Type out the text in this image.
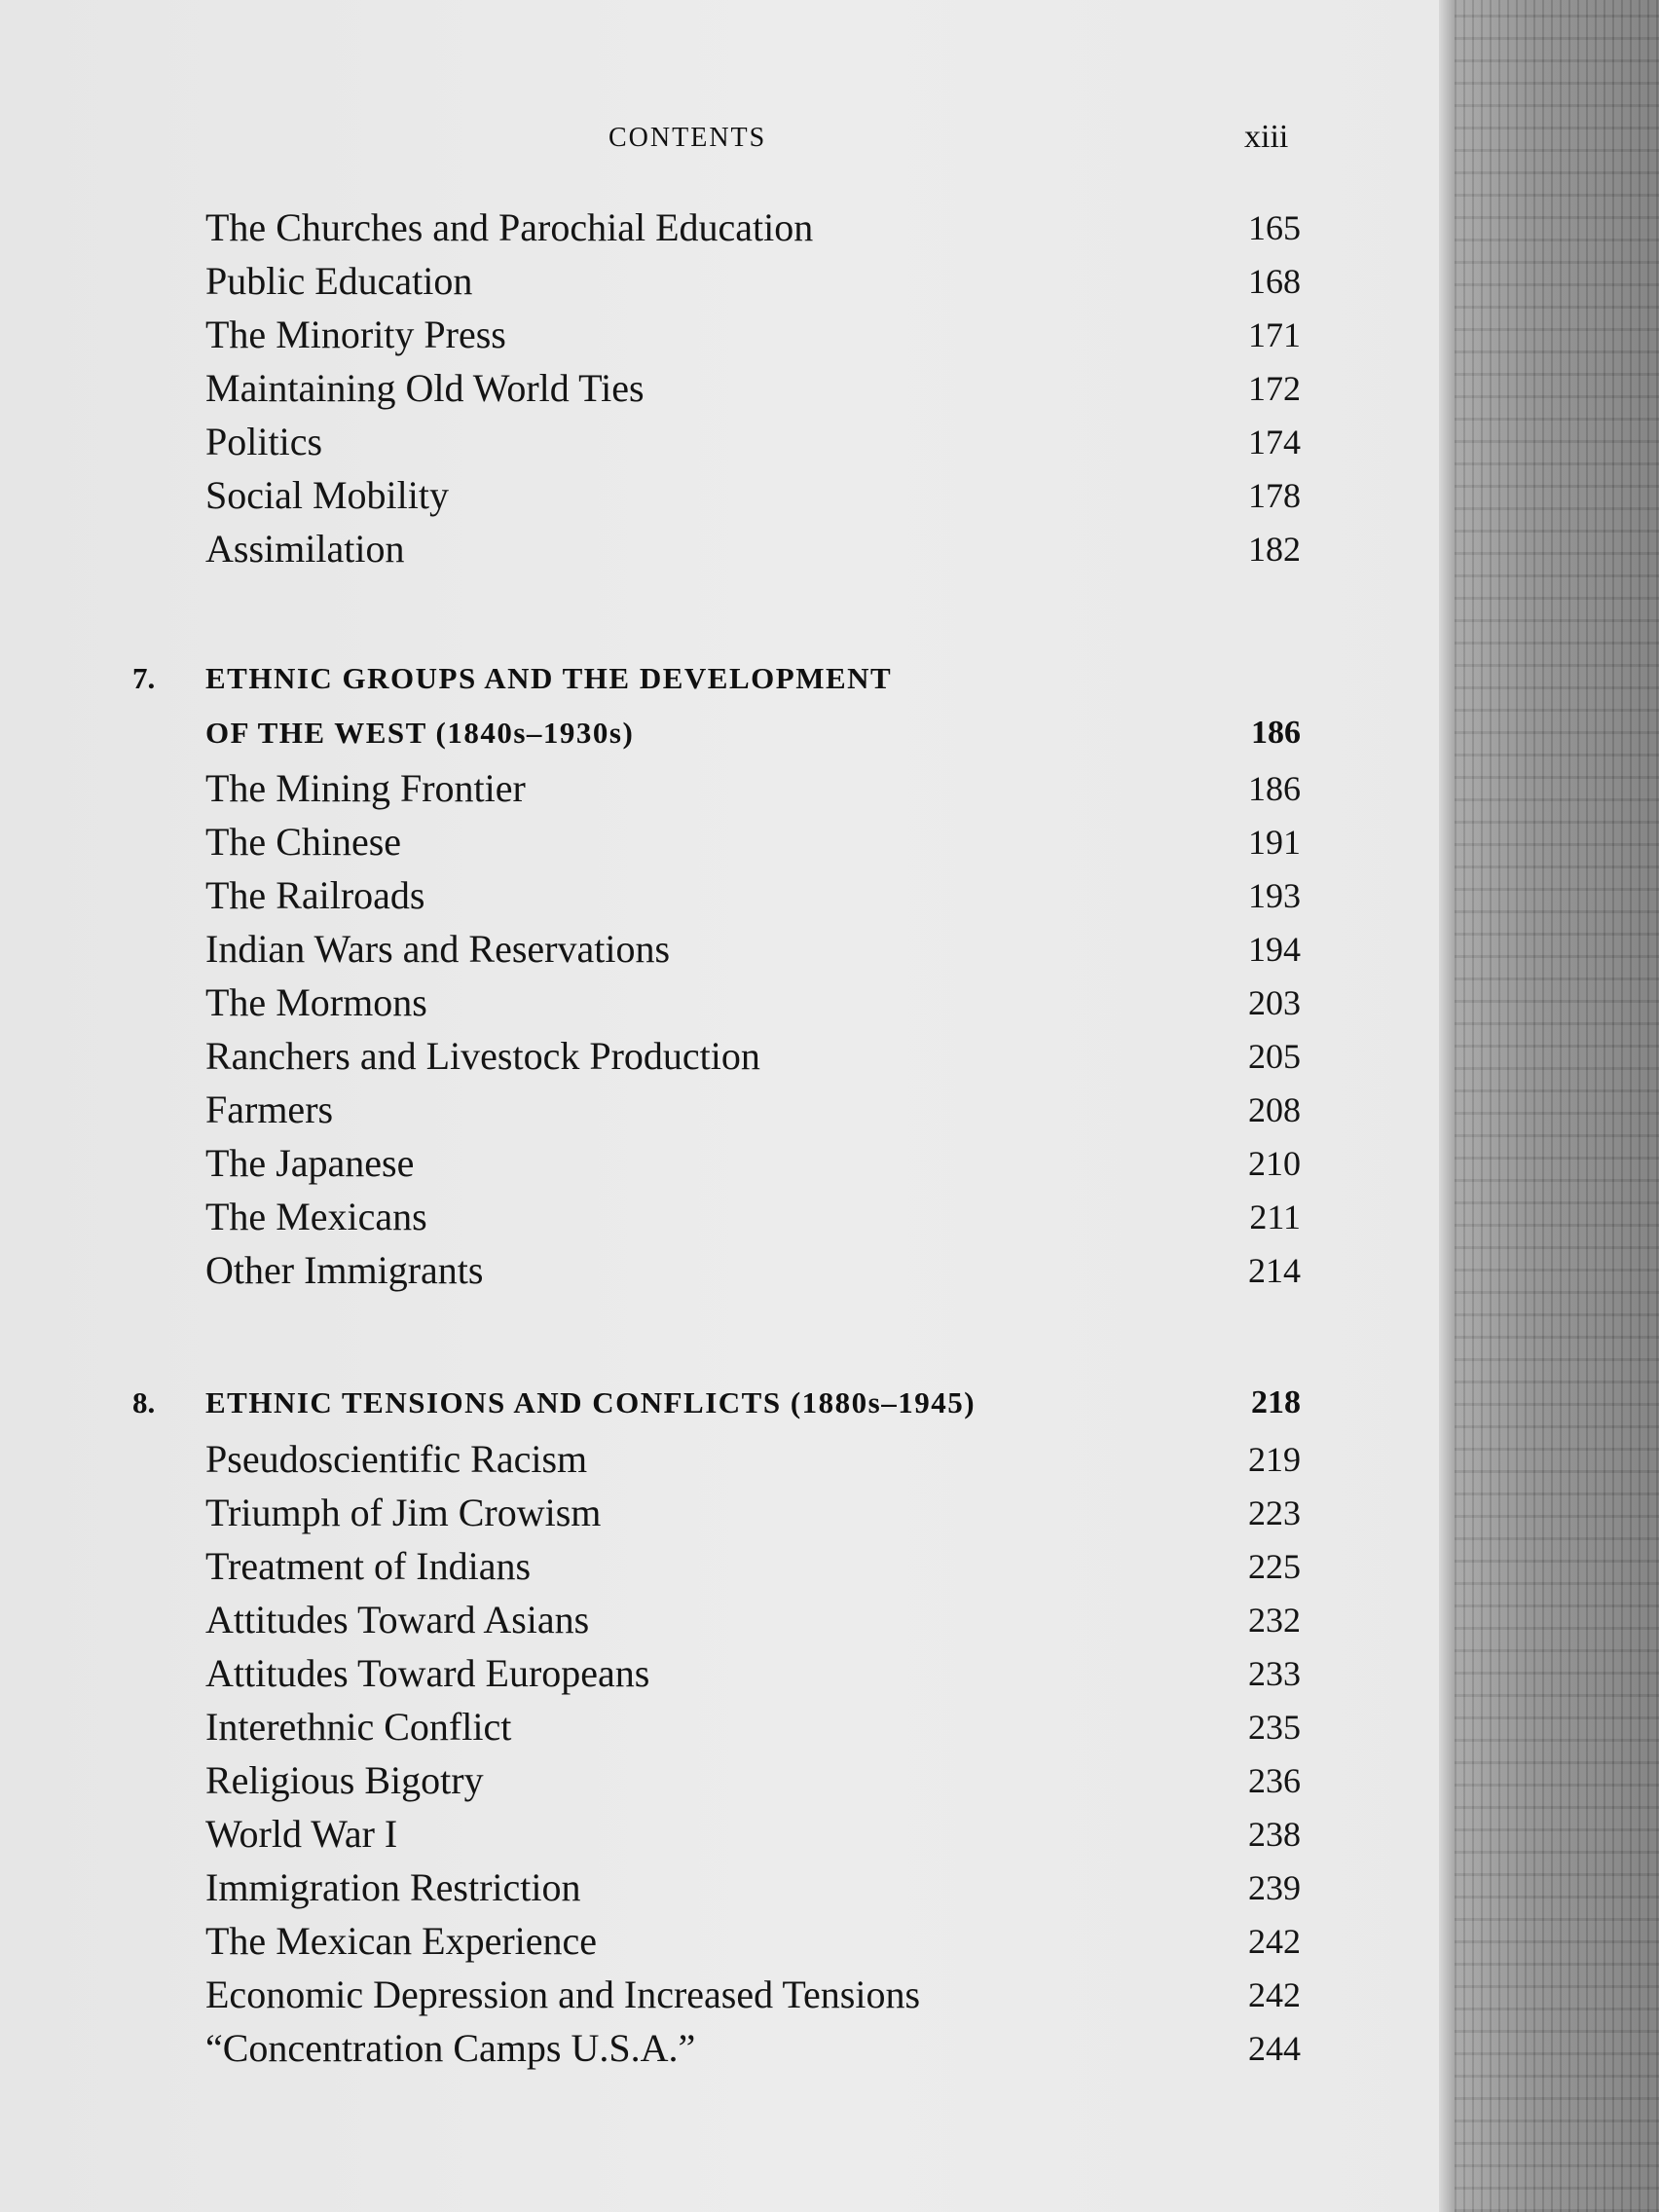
CONTENTS	xiii
The Churches and Parochial Education	165
Public Education	168
The Minority Press	171
Maintaining Old World Ties	172
Politics	174
Social Mobility	178
Assimilation	182
7. ETHNIC GROUPS AND THE DEVELOPMENT
OF THE WEST (1840s–1930s)	186
The Mining Frontier	186
The Chinese	191
The Railroads	193
Indian Wars and Reservations	194
The Mormons	203
Ranchers and Livestock Production	205
Farmers	208
The Japanese	210
The Mexicans	211
Other Immigrants	214
8. ETHNIC TENSIONS AND CONFLICTS (1880s–1945)	218
Pseudoscientific Racism	219
Triumph of Jim Crowism	223
Treatment of Indians	225
Attitudes Toward Asians	232
Attitudes Toward Europeans	233
Interethnic Conflict	235
Religious Bigotry	236
World War I	238
Immigration Restriction	239
The Mexican Experience	242
Economic Depression and Increased Tensions	242
“Concentration Camps U.S.A.”	244
